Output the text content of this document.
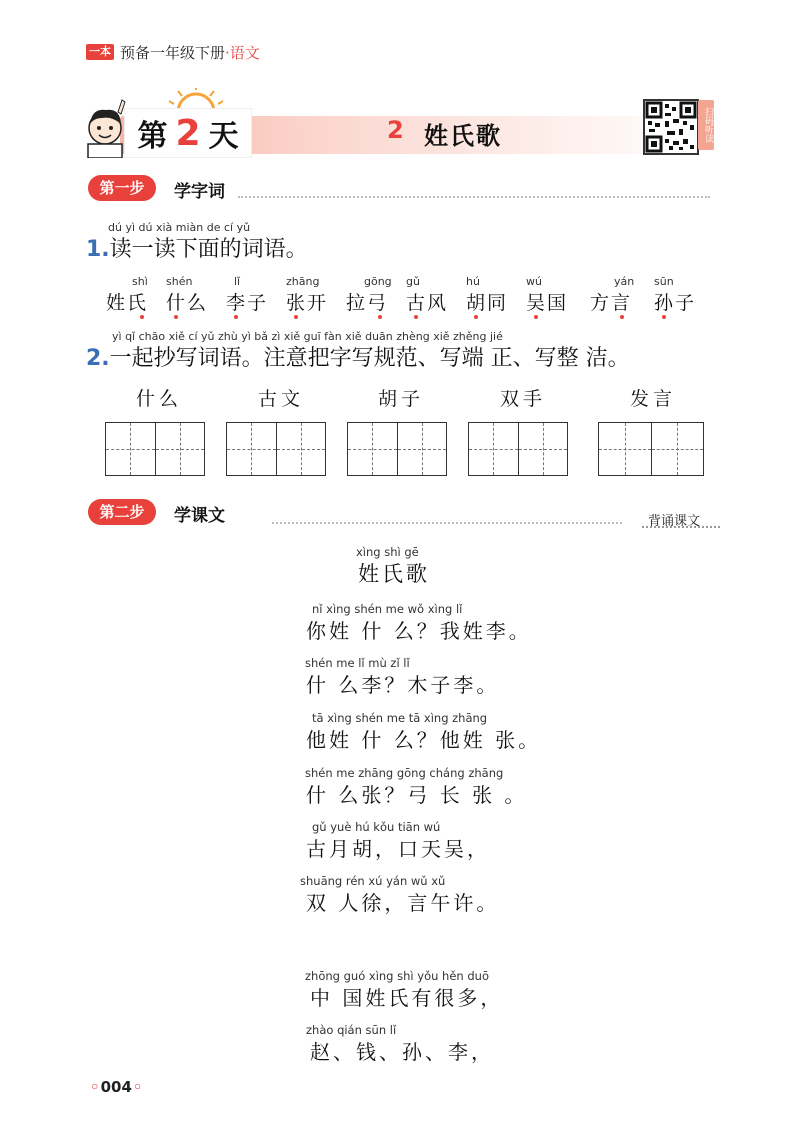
一本 预备一年级下册·语文
第 2 天	2 姓氏歌	扫码听读
第一步	学字词
dú yì dú xià miàn de cí yǔ
1.读一读下面的词语。
shì
姓氏
shén
什么
lǐ
李子
zhāng
张开
gōng
拉弓
gǔ
古风
hú
胡同
wú
吴国
yán
方言
sūn
孙子
yì qǐ chāo xiě cí yǔ zhù yì bǎ zì xiě guī fàn xiě duān zhèng xiě zhěng jié
2.一起抄写词语。注意把字写规范、写端 正、写整 洁。
什么	古文	胡子	双手	发言
第二步	学课文	背诵课文
xìng shì gē
姓氏歌
nǐ xìng shén me wǒ xìng lǐ
你姓 什 么？我姓李。
shén me lǐ mù zǐ lǐ
什 么李？木子李。
tā xìng shén me tā xìng zhāng
他姓 什 么？他姓 张。
shén me zhāng gōng cháng zhāng
什 么张？弓 长 张 。
gǔ yuè hú kǒu tiān wú
古月胡，口天吴，
shuāng rén xú yán wǔ xǔ
双 人徐，言午许。
zhōng guó xìng shì yǒu hěn duō
中 国姓氏有很多，
zhào qián sūn lǐ
赵、钱、孙、李，
◦ 004 ◦
